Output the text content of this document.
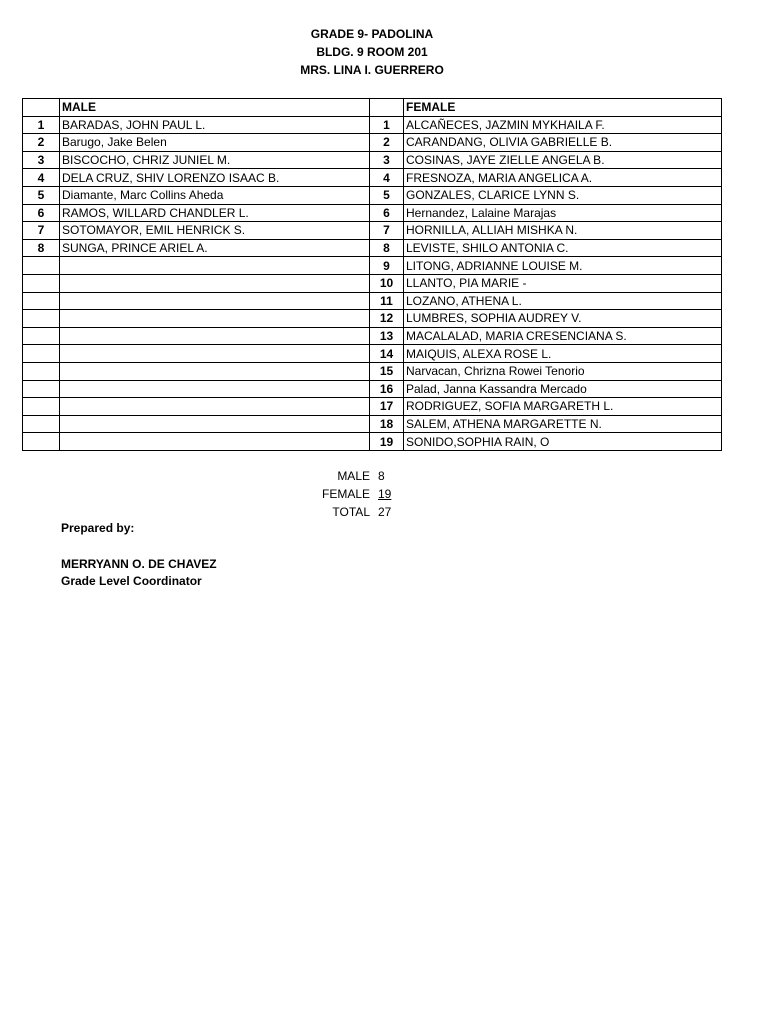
GRADE 9- PADOLINA
BLDG. 9 ROOM 201
MRS. LINA I. GUERRERO
	MALE		FEMALE
1	BARADAS, JOHN PAUL L.	1	ALCAÑECES, JAZMIN MYKHAILA F.
2	Barugo, Jake Belen	2	CARANDANG, OLIVIA GABRIELLE B.
3	BISCOCHO, CHRIZ JUNIEL M.	3	COSINAS, JAYE ZIELLE ANGELA B.
4	DELA CRUZ, SHIV LORENZO ISAAC B.	4	FRESNOZA, MARIA ANGELICA A.
5	Diamante, Marc Collins Aheda	5	GONZALES, CLARICE LYNN S.
6	RAMOS, WILLARD CHANDLER L.	6	Hernandez, Lalaine Marajas
7	SOTOMAYOR, EMIL HENRICK S.	7	HORNILLA, ALLIAH MISHKA N.
8	SUNGA, PRINCE ARIEL A.	8	LEVISTE, SHILO ANTONIA C.
		9	LITONG, ADRIANNE LOUISE M.
		10	LLANTO, PIA MARIE -
		11	LOZANO, ATHENA L.
		12	LUMBRES, SOPHIA AUDREY V.
		13	MACALALAD, MARIA CRESENCIANA S.
		14	MAIQUIS, ALEXA ROSE L.
		15	Narvacan, Chrizna Rowei Tenorio
		16	Palad, Janna Kassandra Mercado
		17	RODRIGUEZ, SOFIA MARGARETH L.
		18	SALEM, ATHENA MARGARETTE N.
		19	SONIDO,SOPHIA RAIN, O
MALE 8
FEMALE 19
TOTAL 27
Prepared by:
MERRYANN O. DE CHAVEZ
Grade Level Coordinator
